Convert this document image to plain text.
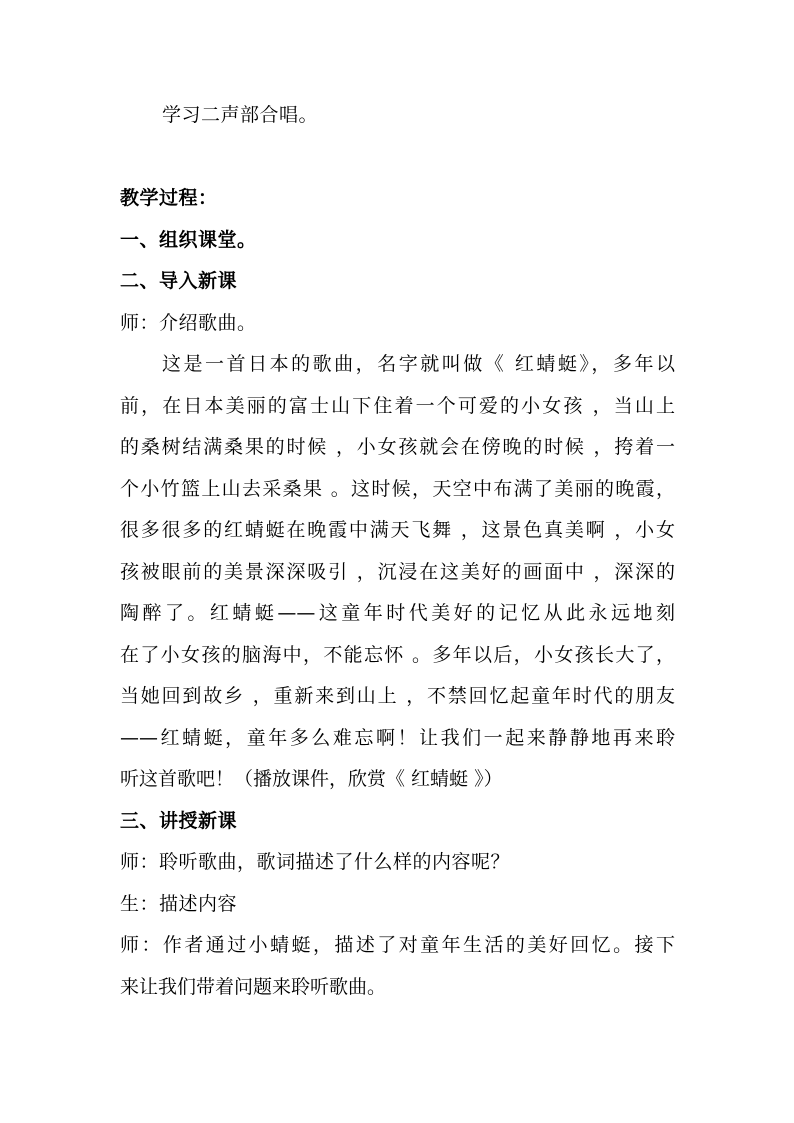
学习二声部合唱。
教学过程：
一、组织课堂。
二、导入新课
师：介绍歌曲。
这是一首日本的歌曲，名字就叫做《 红蜻蜓》，多年以
前，在日本美丽的富士山下住着一个可爱的小女孩 ，当山上
的桑树结满桑果的时候 ，小女孩就会在傍晚的时候 ，挎着一
个小竹篮上山去采桑果 。这时候，天空中布满了美丽的晚霞，
很多很多的红蜻蜓在晚霞中满天飞舞 ，这景色真美啊 ，小女
孩被眼前的美景深深吸引 ，沉浸在这美好的画面中 ，深深的
陶醉了。红蜻蜓——这童年时代美好的记忆从此永远地刻
在了小女孩的脑海中，不能忘怀 。多年以后，小女孩长大了，
当她回到故乡 ，重新来到山上 ，不禁回忆起童年时代的朋友
——红蜻蜓，童年多么难忘啊！让我们一起来静静地再来聆
听这首歌吧！（播放课件，欣赏《 红蜻蜓 》）
三、讲授新课
师：聆听歌曲，歌词描述了什么样的内容呢？
生：描述内容
师：作者通过小蜻蜓，描述了对童年生活的美好回忆。接下
来让我们带着问题来聆听歌曲。
